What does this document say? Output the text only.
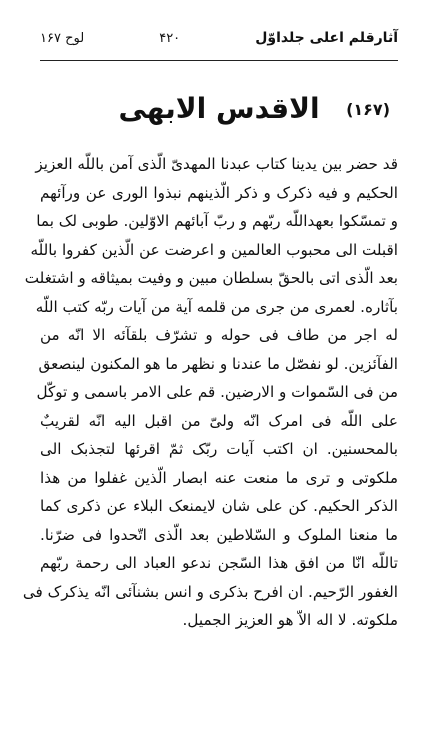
آثارقلم اعلی جلداوّل
۴۲۰
لوح ۱۶۷
(۱۶۷)
الاقدس الابهی
قد حضر بین یدینا کتاب عبدنا المهدیّ الّذی آمن باللّه العزیز
الحکیم و فیه ذکرک و ذکر الّذینهم نبذوا الوری عن ورآئهم
و تمسّکوا بعهداللّه ربّهم و ربّ آبائهم الاوّلین. طوبی لک بما
اقبلت الی محبوب العالمین و اعرضت عن الّذین کفروا باللّه
بعد الّذی اتی بالحقّ بسلطان مبین و وفیت بمیثاقه و اشتغلت
بآثاره. لعمری من جری من قلمه آیة من آیات ربّه کتب اللّه
له اجر من طاف فی حوله و تشرّف بلقآئه الا انّه من
الفآئزین. لو نفصّل ما عندنا و نظهر ما هو المکنون لینصعق
من فی السّموات و الارضین. قم علی الامر باسمی و توکّل
علی اللّه فی امرک انّه ولیّ من اقبل الیه انّه لقریبٌ
بالمحسنین. ان اکتب آیات ربّک ثمّ اقرئها لتجذبک الی
ملکوتی و تری ما منعت عنه ابصار الّذین غفلوا من هذا
الذکر الحکیم. کن علی شان لایمنعک البلاء عن ذکری کما
ما منعنا الملوک و السّلاطین بعد الّذی اتّحدوا فی ضرّنا.
تاللّه انّا من افق هذا السّجن ندعو العباد الی رحمة ربّهم
الغفور الرّحیم. ان افرح بذکری و انس بشنآئی انّه یذکرک فی
ملکوته. لا اله الاّ هو العزیز الجمیل.
